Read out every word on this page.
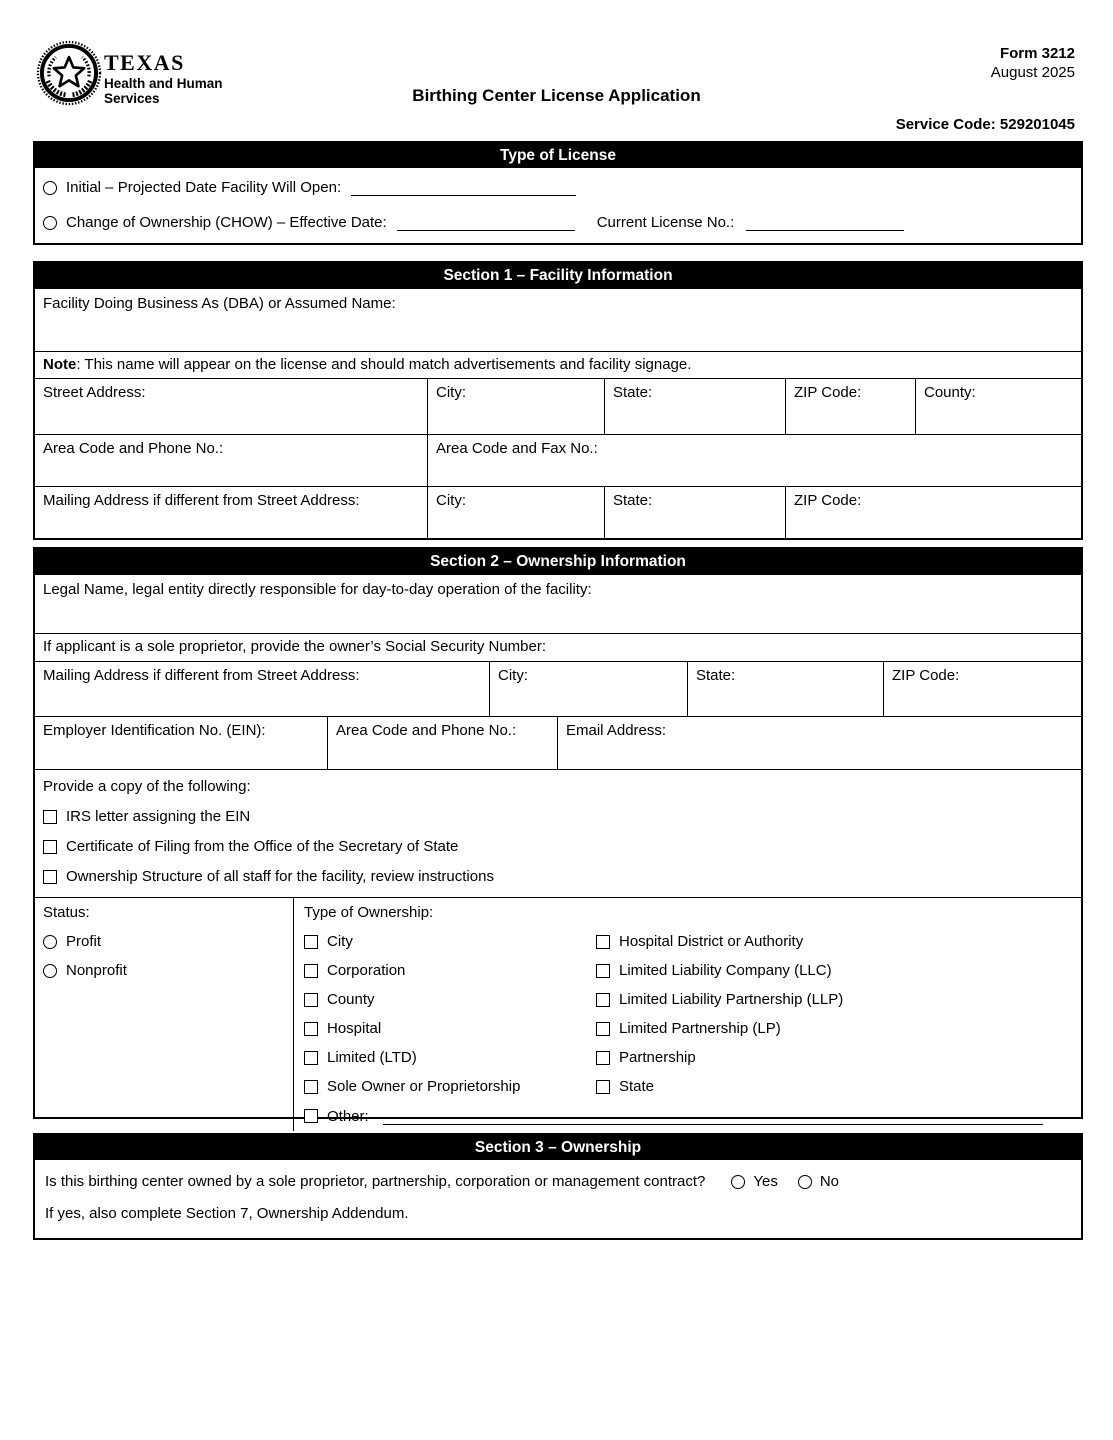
TEXAS
Health and Human
Services
Form 3212
August 2025
Birthing Center License Application
Service Code: 529201045
Type of License
Initial – Projected Date Facility Will Open:
Change of Ownership (CHOW) – Effective Date:	Current License No.:
Section 1 – Facility Information
Facility Doing Business As (DBA) or Assumed Name:
Note: This name will appear on the license and should match advertisements and facility signage.
Street Address:	City:	State:	ZIP Code:	County:
Area Code and Phone No.:	Area Code and Fax No.:
Mailing Address if different from Street Address:	City:	State:	ZIP Code:
Section 2 – Ownership Information
Legal Name, legal entity directly responsible for day-to-day operation of the facility:
If applicant is a sole proprietor, provide the owner’s Social Security Number:
Mailing Address if different from Street Address:	City:	State:	ZIP Code:
Employer Identification No. (EIN):	Area Code and Phone No.:	Email Address:
Provide a copy of the following:
IRS letter assigning the EIN
Certificate of Filing from the Office of the Secretary of State
Ownership Structure of all staff for the facility, review instructions
Status:
Profit
Nonprofit
Type of Ownership:
City
Corporation
County
Hospital
Limited (LTD)
Sole Owner or Proprietorship
Hospital District or Authority
Limited Liability Company (LLC)
Limited Liability Partnership (LLP)
Limited Partnership (LP)
Partnership
State
Other:
Section 3 – Ownership
Is this birthing center owned by a sole proprietor, partnership, corporation or management contract?	Yes	No
If yes, also complete Section 7, Ownership Addendum.
